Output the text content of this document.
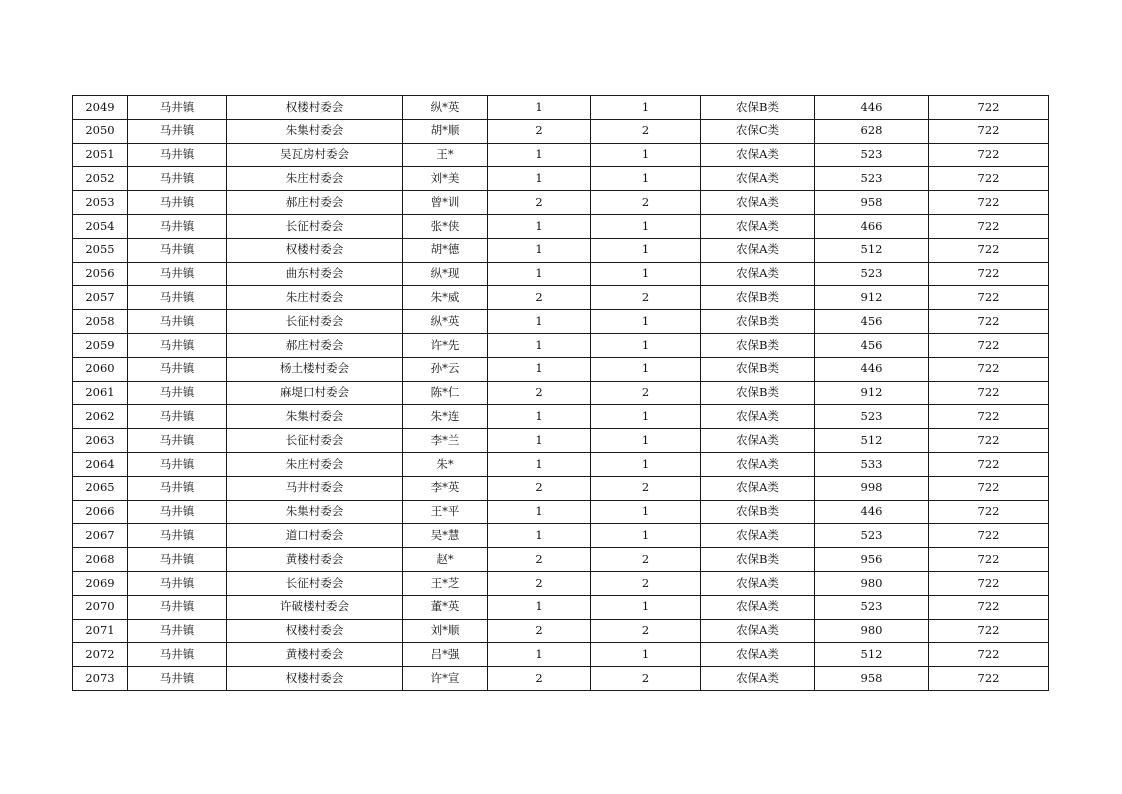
2049	马井镇	权楼村委会	纵*英	1	1	农保B类	446	722
2050	马井镇	朱集村委会	胡*顺	2	2	农保C类	628	722
2051	马井镇	吴瓦房村委会	王*	1	1	农保A类	523	722
2052	马井镇	朱庄村委会	刘*美	1	1	农保A类	523	722
2053	马井镇	郝庄村委会	曾*训	2	2	农保A类	958	722
2054	马井镇	长征村委会	张*侠	1	1	农保A类	466	722
2055	马井镇	权楼村委会	胡*德	1	1	农保A类	512	722
2056	马井镇	曲东村委会	纵*现	1	1	农保A类	523	722
2057	马井镇	朱庄村委会	朱*威	2	2	农保B类	912	722
2058	马井镇	长征村委会	纵*英	1	1	农保B类	456	722
2059	马井镇	郝庄村委会	许*先	1	1	农保B类	456	722
2060	马井镇	杨土楼村委会	孙*云	1	1	农保B类	446	722
2061	马井镇	麻堤口村委会	陈*仁	2	2	农保B类	912	722
2062	马井镇	朱集村委会	朱*连	1	1	农保A类	523	722
2063	马井镇	长征村委会	李*兰	1	1	农保A类	512	722
2064	马井镇	朱庄村委会	朱*	1	1	农保A类	533	722
2065	马井镇	马井村委会	李*英	2	2	农保A类	998	722
2066	马井镇	朱集村委会	王*平	1	1	农保B类	446	722
2067	马井镇	道口村委会	吴*慧	1	1	农保A类	523	722
2068	马井镇	黄楼村委会	赵*	2	2	农保B类	956	722
2069	马井镇	长征村委会	王*芝	2	2	农保A类	980	722
2070	马井镇	许破楼村委会	董*英	1	1	农保A类	523	722
2071	马井镇	权楼村委会	刘*顺	2	2	农保A类	980	722
2072	马井镇	黄楼村委会	吕*强	1	1	农保A类	512	722
2073	马井镇	权楼村委会	许*宣	2	2	农保A类	958	722
